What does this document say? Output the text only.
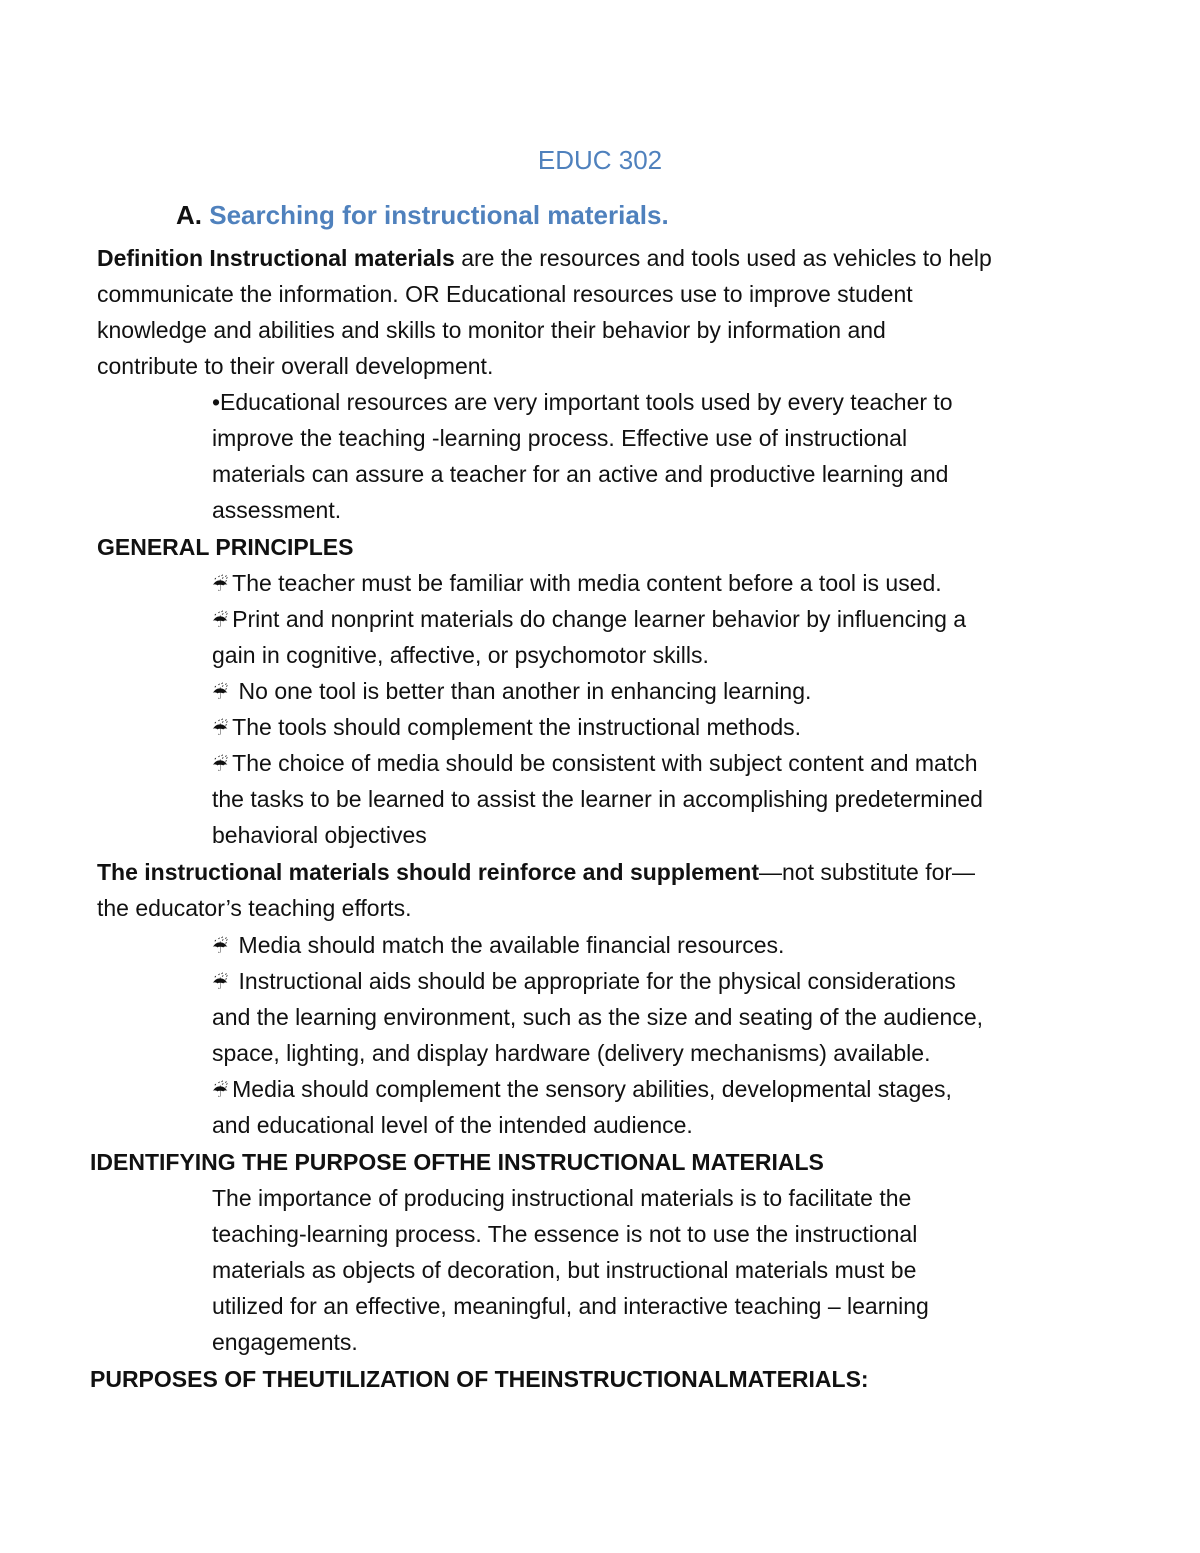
EDUC 302
A. Searching for instructional materials.
Definition Instructional materials are the resources and tools used as vehicles to help
communicate the information. OR Educational resources use to improve student
knowledge and abilities and skills to monitor their behavior by information and
contribute to their overall development.
•Educational resources are very important tools used by every teacher to
improve the teaching -learning process. Effective use of instructional
materials can assure a teacher for an active and productive learning and
assessment.
GENERAL PRINCIPLES
☔ The teacher must be familiar with media content before a tool is used.
☔ Print and nonprint materials do change learner behavior by influencing a
gain in cognitive, affective, or psychomotor skills.
☔ No one tool is better than another in enhancing learning.
☔ The tools should complement the instructional methods.
☔ The choice of media should be consistent with subject content and match
the tasks to be learned to assist the learner in accomplishing predetermined
behavioral objectives
The instructional materials should reinforce and supplement—not substitute for—
the educator’s teaching efforts.
☔ Media should match the available financial resources.
☔ Instructional aids should be appropriate for the physical considerations
and the learning environment, such as the size and seating of the audience,
space, lighting, and display hardware (delivery mechanisms) available.
☔ Media should complement the sensory abilities, developmental stages,
and educational level of the intended audience.
IDENTIFYING THE PURPOSE OFTHE INSTRUCTIONAL MATERIALS
The importance of producing instructional materials is to facilitate the
teaching-learning process. The essence is not to use the instructional
materials as objects of decoration, but instructional materials must be
utilized for an effective, meaningful, and interactive teaching – learning
engagements.
PURPOSES OF THEUTILIZATION OF THEINSTRUCTIONALMATERIALS:
